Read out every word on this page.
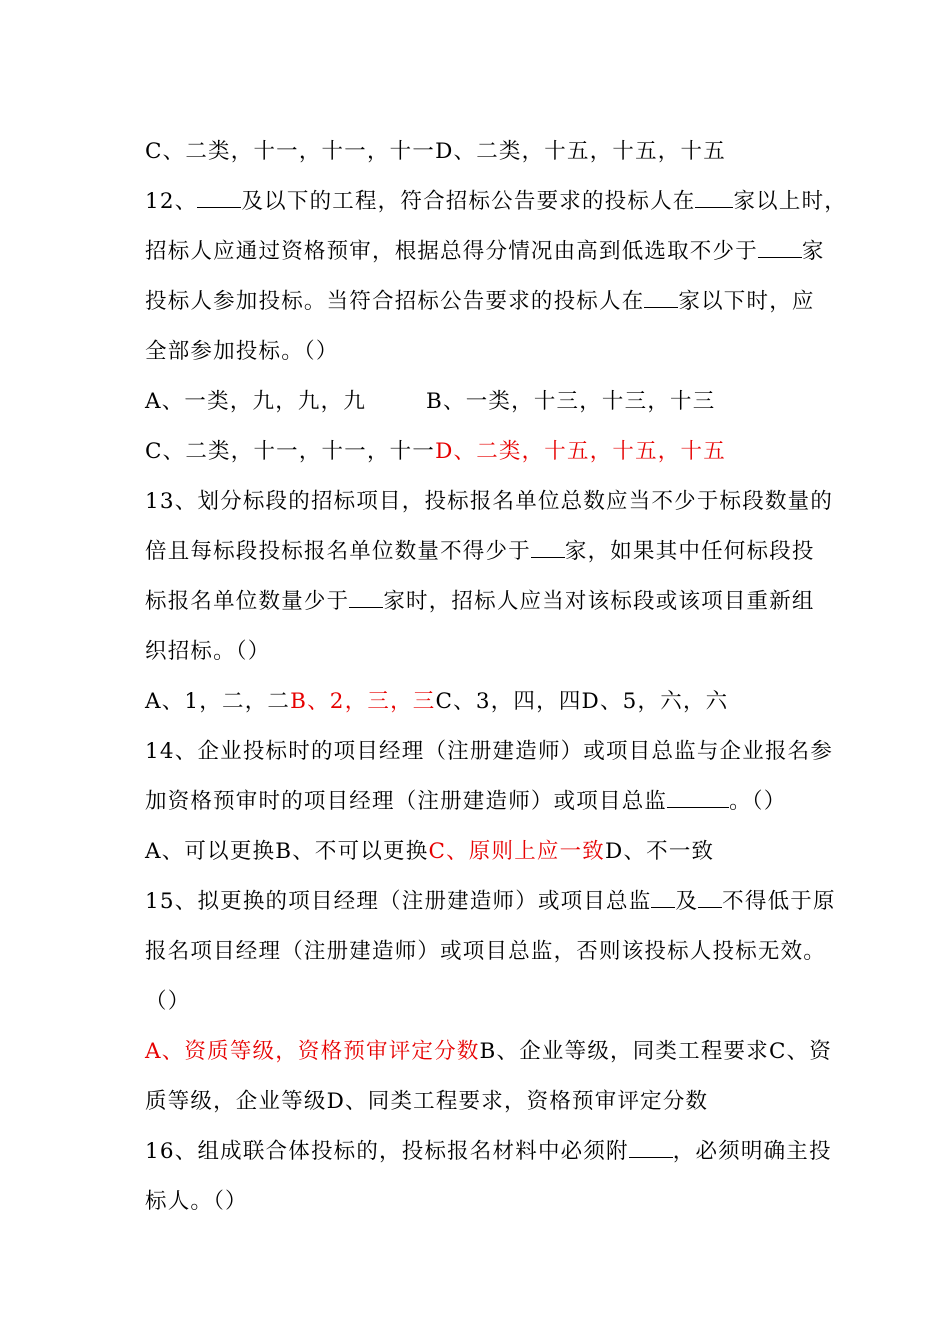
C、二类，十一，十一，十一D、二类，十五，十五，十五
12、 及以下的工程，符合招标公告要求的投标人在 家以上时，
招标人应通过资格预审，根据总得分情况由高到低选取不少于 家
投标人参加投标。当符合招标公告要求的投标人在 家以下时，应
全部参加投标。（）
A、一类，九，九，九	B、一类，十三，十三，十三
C、二类，十一，十一，十一D、二类，十五，十五，十五
13、划分标段的招标项目，投标报名单位总数应当不少于标段数量的
倍且每标段投标报名单位数量不得少于 家，如果其中任何标段投
标报名单位数量少于 家时，招标人应当对该标段或该项目重新组
织招标。（）
A、1，二，二B、2，三，三C、3，四，四D、5，六，六
14、企业投标时的项目经理（注册建造师）或项目总监与企业报名参
加资格预审时的项目经理（注册建造师）或项目总监	。（）
A、可以更换B、不可以更换C、原则上应一致D、不一致
15、拟更换的项目经理（注册建造师）或项目总监 及 不得低于原
报名项目经理（注册建造师）或项目总监，否则该投标人投标无效。
（）
A、资质等级，资格预审评定分数B、企业等级，同类工程要求C、资
质等级，企业等级D、同类工程要求，资格预审评定分数
16、组成联合体投标的，投标报名材料中必须附 ，必须明确主投
标人。（）
